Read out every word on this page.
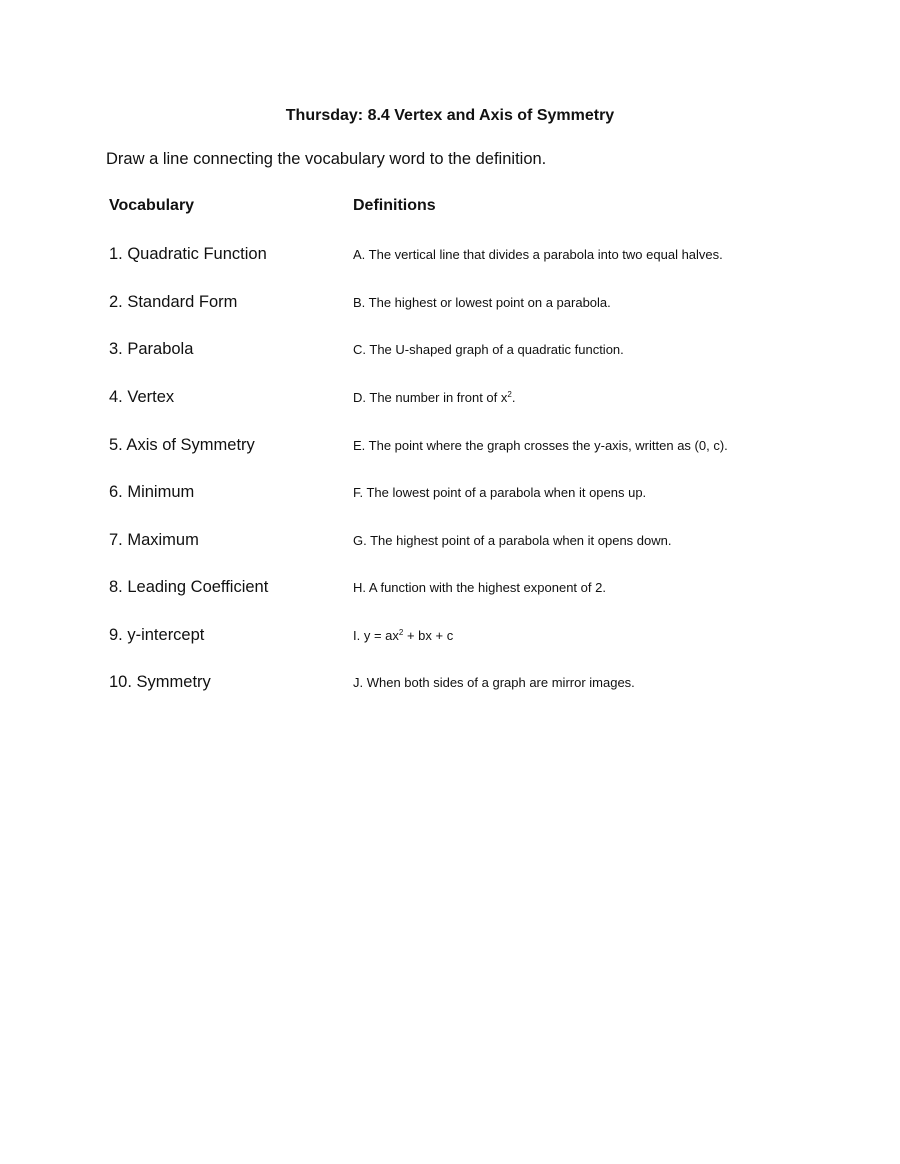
Thursday: 8.4 Vertex and Axis of Symmetry
Draw a line connecting the vocabulary word to the definition.
Vocabulary	Definitions
1. Quadratic Function	A. The vertical line that divides a parabola into two equal halves.
2. Standard Form	B. The highest or lowest point on a parabola.
3. Parabola	C. The U-shaped graph of a quadratic function.
4. Vertex	D. The number in front of $x^2$.
5. Axis of Symmetry	E. The point where the graph crosses the y-axis, written as (0, c).
6. Minimum	F. The lowest point of a parabola when it opens up.
7. Maximum	G. The highest point of a parabola when it opens down.
8. Leading Coefficient	H. A function with the highest exponent of 2.
9. y-intercept	I. $y = ax^2$ + bx + c
10. Symmetry	J. When both sides of a graph are mirror images.
